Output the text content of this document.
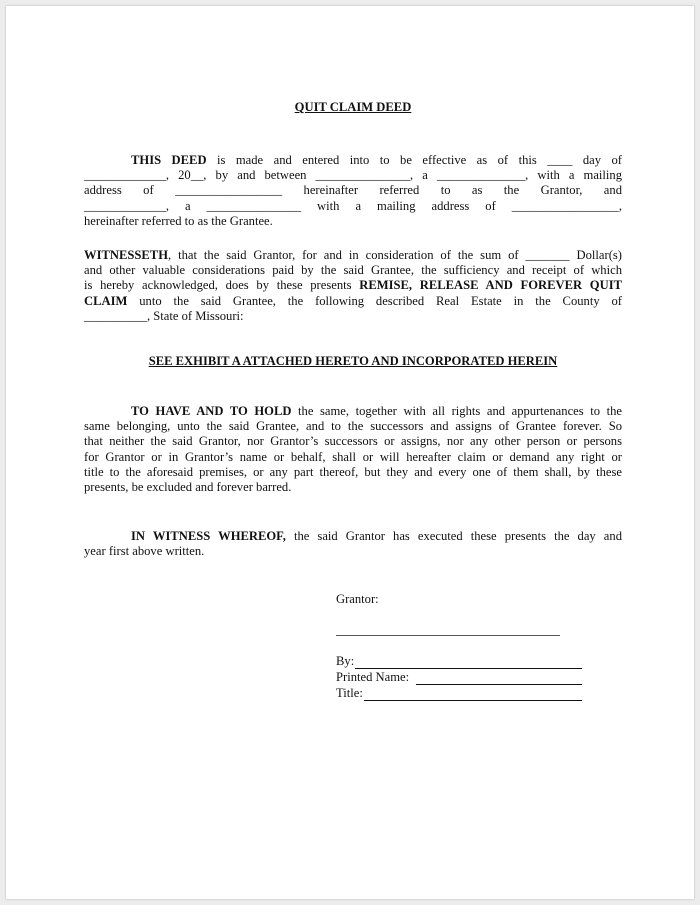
QUIT CLAIM DEED
THIS DEED is made and entered into to be effective as of this ____ day of
_____________, 20__, by and between _______________, a ______________, with a mailing
address of _________________ hereinafter referred to as the Grantor, and
_____________, a _______________ with a mailing address of _________________,
hereinafter referred to as the Grantee.
WITNESSETH, that the said Grantor, for and in consideration of the sum of _______ Dollar(s)
and other valuable considerations paid by the said Grantee, the sufficiency and receipt of which
is hereby acknowledged, does by these presents REMISE, RELEASE AND FOREVER QUIT
CLAIM unto the said Grantee, the following described Real Estate in the County of
__________, State of Missouri:
SEE EXHIBIT A ATTACHED HERETO AND INCORPORATED HEREIN
TO HAVE AND TO HOLD the same, together with all rights and appurtenances to the
same belonging, unto the said Grantee, and to the successors and assigns of Grantee forever. So
that neither the said Grantor, nor Grantor’s successors or assigns, nor any other person or persons
for Grantor or in Grantor’s name or behalf, shall or will hereafter claim or demand any right or
title to the aforesaid premises, or any part thereof, but they and every one of them shall, by these
presents, be excluded and forever barred.
IN WITNESS WHEREOF, the said Grantor has executed these presents the day and
year first above written.
Grantor:
By:
Printed Name:
Title:
